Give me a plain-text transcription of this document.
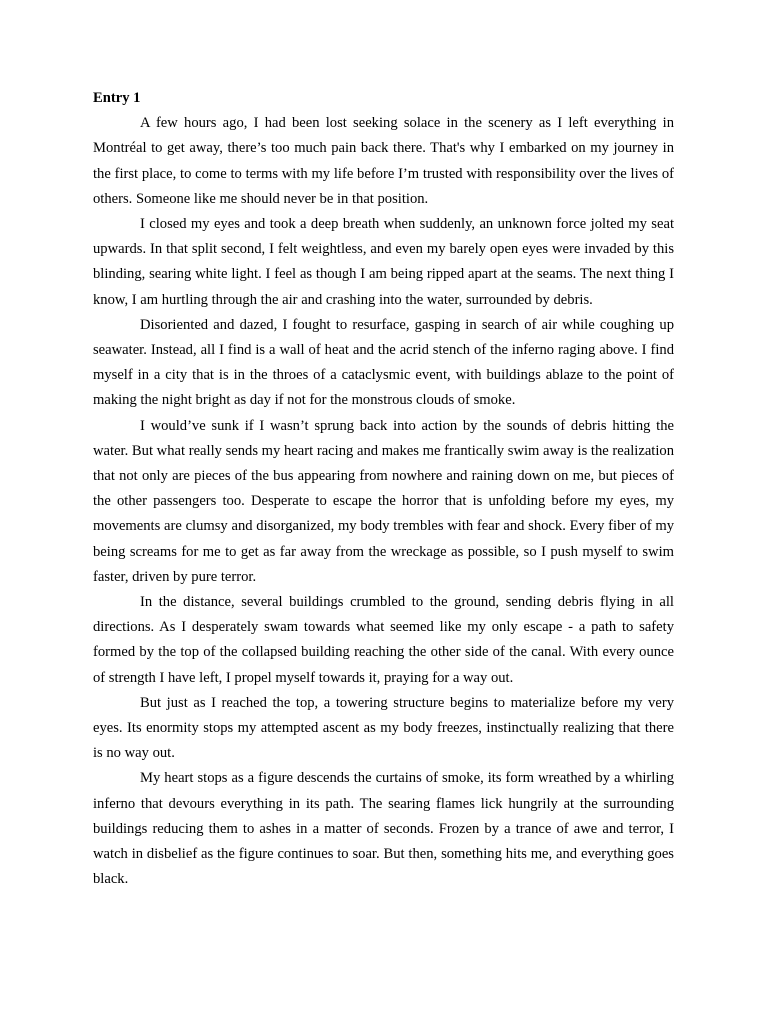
Entry 1

A few hours ago, I had been lost seeking solace in the scenery as I left everything in Montréal to get away, there’s too much pain back there. That's why I embarked on my journey in the first place, to come to terms with my life before I’m trusted with responsibility over the lives of others. Someone like me should never be in that position.

I closed my eyes and took a deep breath when suddenly, an unknown force jolted my seat upwards. In that split second, I felt weightless, and even my barely open eyes were invaded by this blinding, searing white light. I feel as though I am being ripped apart at the seams. The next thing I know, I am hurtling through the air and crashing into the water, surrounded by debris.

Disoriented and dazed, I fought to resurface, gasping in search of air while coughing up seawater. Instead, all I find is a wall of heat and the acrid stench of the inferno raging above. I find myself in a city that is in the throes of a cataclysmic event, with buildings ablaze to the point of making the night bright as day if not for the monstrous clouds of smoke.

I would’ve sunk if I wasn’t sprung back into action by the sounds of debris hitting the water. But what really sends my heart racing and makes me frantically swim away is the realization that not only are pieces of the bus appearing from nowhere and raining down on me, but pieces of the other passengers too. Desperate to escape the horror that is unfolding before my eyes, my movements are clumsy and disorganized, my body trembles with fear and shock. Every fiber of my being screams for me to get as far away from the wreckage as possible, so I push myself to swim faster, driven by pure terror.

In the distance, several buildings crumbled to the ground, sending debris flying in all directions. As I desperately swam towards what seemed like my only escape - a path to safety formed by the top of the collapsed building reaching the other side of the canal. With every ounce of strength I have left, I propel myself towards it, praying for a way out.

But just as I reached the top, a towering structure begins to materialize before my very eyes. Its enormity stops my attempted ascent as my body freezes, instinctually realizing that there is no way out.

My heart stops as a figure descends the curtains of smoke, its form wreathed by a whirling inferno that devours everything in its path. The searing flames lick hungrily at the surrounding buildings reducing them to ashes in a matter of seconds. Frozen by a trance of awe and terror, I watch in disbelief as the figure continues to soar. But then, something hits me, and everything goes black.
